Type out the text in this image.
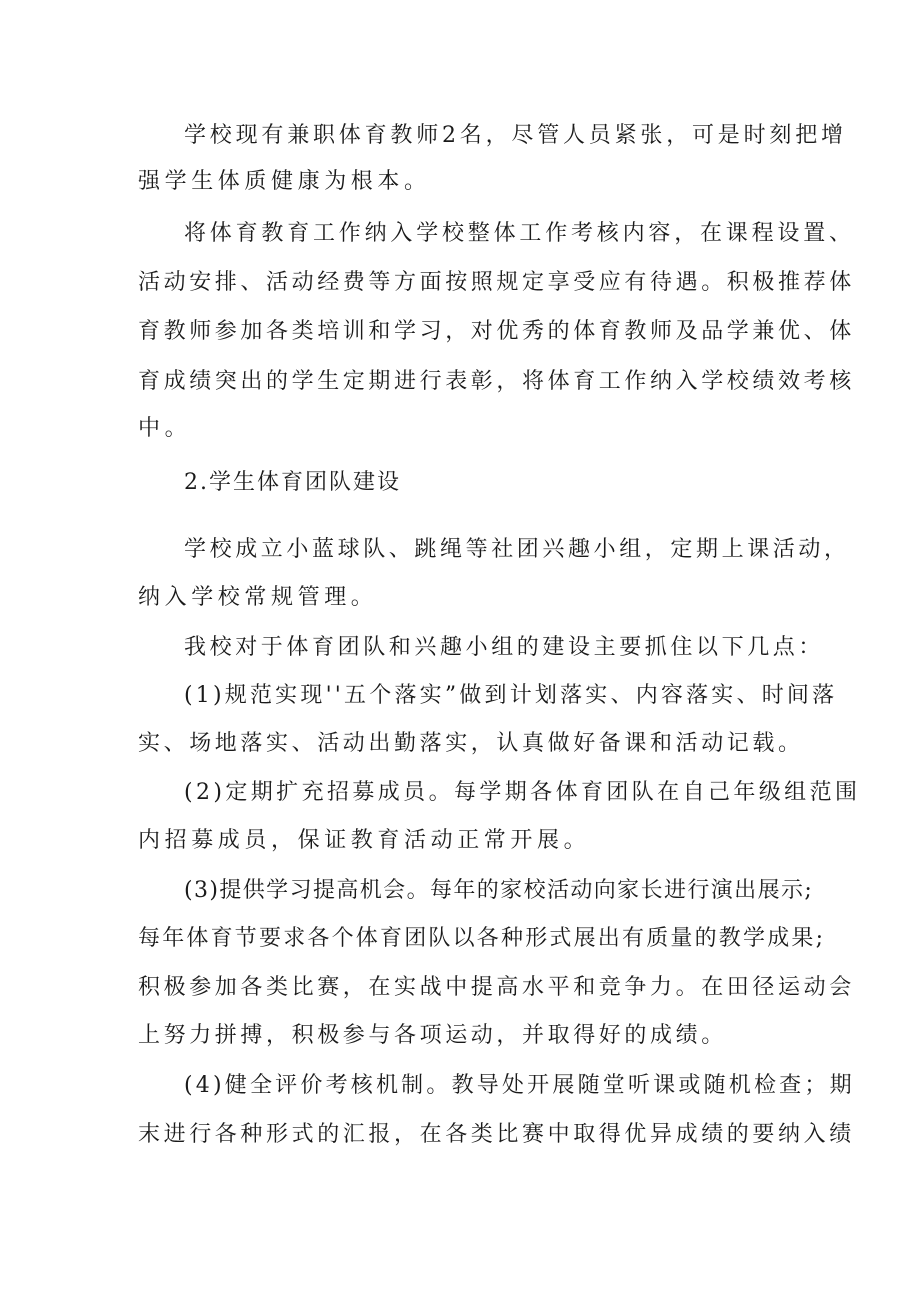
学校现有兼职体育教师2名，尽管人员紧张，可是时刻把增
强学生体质健康为根本。
将体育教育工作纳入学校整体工作考核内容，在课程设置、
活动安排、活动经费等方面按照规定享受应有待遇。积极推荐体
育教师参加各类培训和学习，对优秀的体育教师及品学兼优、体
育成绩突出的学生定期进行表彰，将体育工作纳入学校绩效考核
中。
2.学生体育团队建设
学校成立小蓝球队、跳绳等社团兴趣小组，定期上课活动，
纳入学校常规管理。
我校对于体育团队和兴趣小组的建设主要抓住以下几点：
(1)规范实现''五个落实”做到计划落实、内容落实、时间落
实、场地落实、活动出勤落实，认真做好备课和活动记载。
(2)定期扩充招募成员。每学期各体育团队在自己年级组范围
内招募成员，保证教育活动正常开展。
(3)提供学习提高机会。每年的家校活动向家长进行演出展示;
每年体育节要求各个体育团队以各种形式展出有质量的教学成果;
积极参加各类比赛，在实战中提高水平和竞争力。在田径运动会
上努力拼搏，积极参与各项运动，并取得好的成绩。
(4)健全评价考核机制。教导处开展随堂听课或随机检查；期
末进行各种形式的汇报，在各类比赛中取得优异成绩的要纳入绩
